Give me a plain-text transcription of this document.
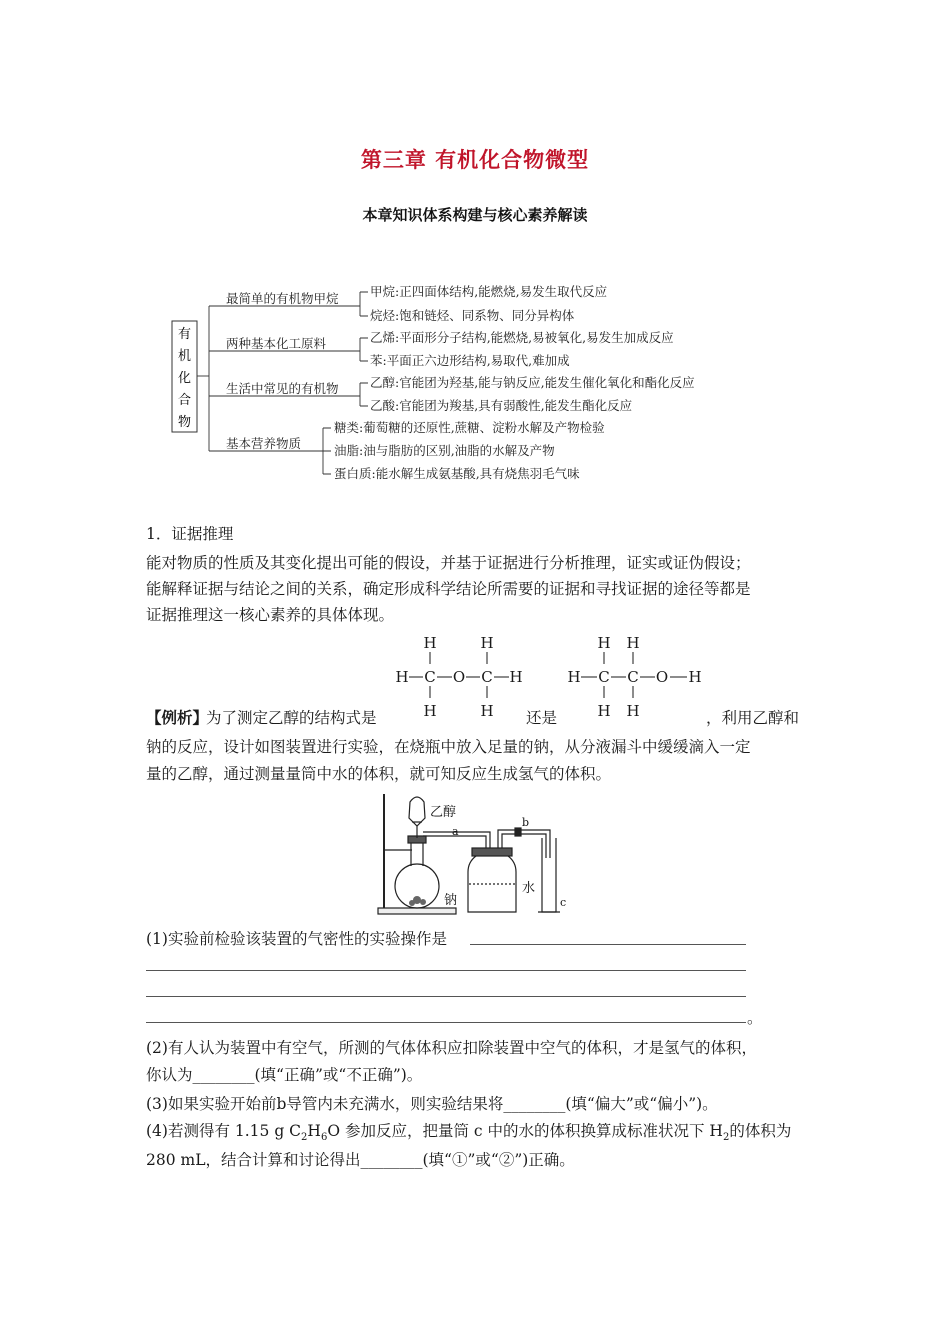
第三章 有机化合物微型
本章知识体系构建与核心素养解读
有
机
化
合
物
最简单的有机物甲烷
两种基本化工原料
生活中常见的有机物
基本营养物质
甲烷:正四面体结构,能燃烧,易发生取代反应
烷烃:饱和链烃、同系物、同分异构体
乙烯:平面形分子结构,能燃烧,易被氧化,易发生加成反应
苯:平面正六边形结构,易取代,难加成
乙醇:官能团为羟基,能与钠反应,能发生催化氧化和酯化反应
乙酸:官能团为羧基,具有弱酸性,能发生酯化反应
糖类:葡萄糖的还原性,蔗糖、淀粉水解及产物检验
油脂:油与脂肪的区别,油脂的水解及产物
蛋白质:能水解生成氨基酸,具有烧焦羽毛气味
1．证据推理
能对物质的性质及其变化提出可能的假设，并基于证据进行分析推理，证实或证伪假设；
能解释证据与结论之间的关系，确定形成科学结论所需要的证据和寻找证据的途径等都是
证据推理这一核心素养的具体体现。
H	H
H C O C H
H	H
H H
H C C O H
H H
【例析】
为了测定乙醇的结构式是	还是	，利用乙醇和
钠的反应，设计如图装置进行实验，在烧瓶中放入足量的钠，从分液漏斗中缓缓滴入一定
量的乙醇，通过测量量筒中水的体积，就可知反应生成氢气的体积。
乙醇
a
b
水
c
钠
(1)实验前检验该装置的气密性的实验操作是
。
(2)有人认为装置中有空气，所测的气体体积应扣除装置中空气的体积，才是氢气的体积，
你认为________(填“正确”或“不正确”)。
(3)如果实验开始前b导管内未充满水，则实验结果将________(填“偏大”或“偏小”)。
(4)若测得有 1.15 g $C_2H_6O$ 参加反应，把量筒 c 中的水的体积换算成标准状况下 $H_2$的体积为
280 mL，结合计算和讨论得出________(填“①”或“②”)正确。
